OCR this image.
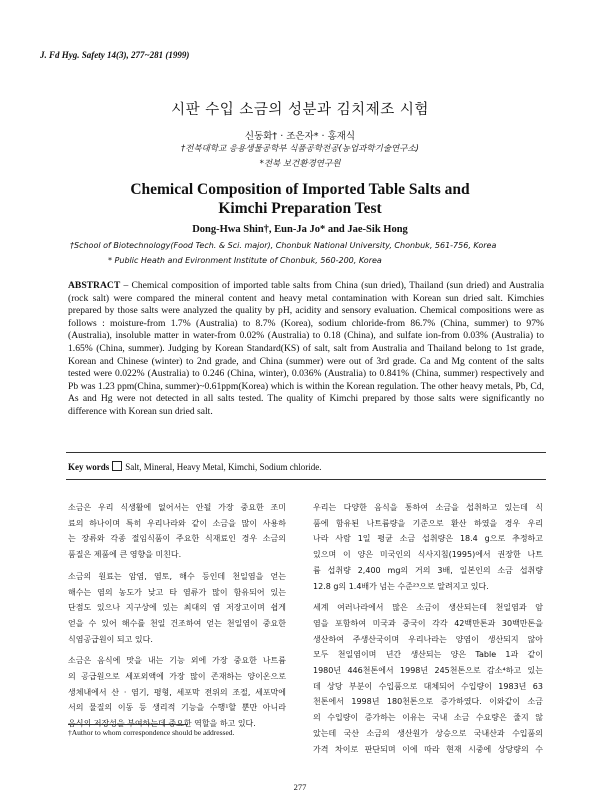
J. Fd Hyg. Safety 14(3), 277~281 (1999)
시판 수입 소금의 성분과 김치제조 시험
신동화† · 조은자* · 홍재식
†전북대학교 응용생물공학부 식품공학전공(농업과학기술연구소)
*전북 보건환경연구원
Chemical Composition of Imported Table Salts and
Kimchi Preparation Test
Dong-Hwa Shin†, Eun-Ja Jo* and Jae-Sik Hong
†School of Biotechnology(Food Tech. & Sci. major), Chonbuk National University, Chonbuk, 561-756, Korea
* Public Heath and Evironment Institute of Chonbuk, 560-200, Korea
ABSTRACT – Chemical composition of imported table salts from China (sun dried), Thailand (sun dried) and Australia (rock salt) were compared the mineral content and heavy metal contamination with Korean sun dried salt. Kimchies prepared by those salts were analyzed the quality by pH, acidity and sensory evaluation. Chemical compositions were as follows : moisture-from 1.7% (Australia) to 8.7% (Korea), sodium chloride-from 86.7% (China, summer) to 97% (Australia), insoluble matter in water-from 0.02% (Australia) to 0.18 (China), and sulfate ion-from 0.03% (Australia) to 1.65% (China, summer). Judging by Korean Standard(KS) of salt, salt from Australia and Thailand belong to 1st grade, Korean and Chinese (winter) to 2nd grade, and China (summer) were out of 3rd grade. Ca and Mg content of the salts tested were 0.022% (Australia) to 0.246 (China, winter), 0.036% (Australia) to 0.841% (China, summer) respectively and Pb was 1.23 ppm(China, summer)~0.61ppm(Korea) which is within the Korean regulation. The other heavy metals, Pb, Cd, As and Hg were not detected in all salts tested. The quality of Kimchi prepared by those salts were significantly no difference with Korean sun dried salt.
Key words Salt, Mineral, Heavy Metal, Kimchi, Sodium chloride.

소금은 우리 식생활에 없어서는 안될 가장 중요한 조미
료의 하나이며 특히 우리나라와 같이 소금을 많이 사용하
는 장류와 각종 절임식품이 주요한 식재료인 경우 소금의
품질은 제품에 큰 영향을 미친다.

소금의 원료는 암염, 염토, 해수 등인데 천일염을 얻는
해수는 염의 농도가 낮고 타 염류가 많이 함유되어 있는
단점도 있으나 지구상에 있는 최대의 염 저장고이며 쉽게
얻을 수 있어 해수를 천일 건조하여 얻는 천일염이 중요한
식염공급원이 되고 있다.

소금은 음식에 맛을 내는 기능 외에 가장 중요한 나트륨
의 공급원으로 세포외액에 가장 많이 존재하는 양이온으로
생체내에서 산 · 염기, 평형, 세포막 전위의 조절, 세포막에
서의 물질의 이동 등 생리적 기능을 수행¹할 뿐만 아니라
음식의 저장성을 부여하는데 중요한 역할을 하고 있다.

우리는 다양한 음식을 통하여 소금을 섭취하고 있는데 식
품에 함유된 나트륨량을 기준으로 환산 하였을 경우 우리
나라 사람 1일 평균 소금 섭취량은 18.4 g으로 추정하고
있으며 이 양은 미국인의 식사지침(1995)에서 권장한 나트
륨 섭취량 2,400 mg의 거의 3배, 일본인의 소금 섭취량
12.8 g의 1.4배가 넘는 수준²³으로 알려지고 있다.

세계 여러나라에서 많은 소금이 생산되는데 천일염과 암
염을 포함하여 미국과 중국이 각각 42백만톤과 30백만톤을
생산하여 주생산국이며 우리나라는 양염이 생산되지 않아
모두 천일염이며 년간 생산되는 양은 Table 1과 같이
1980년 446천톤에서 1998년 245천톤으로 감소⁴하고 있는
데 상당 부분이 수입품으로 대체되어 수입량이 1983년 63
천톤에서 1998년 180천톤으로 증가하였다. 이와같이 소금
의 수입량이 증가하는 이유는 국내 소금 수요량은 줄지 않
았는데 국산 소금의 생산원가 상승으로 국내산과 수입품의
가격 차이로 판단되며 이에 따라 현재 시중에 상당량의 수

†Author to whom correspondence should be addressed.
277
